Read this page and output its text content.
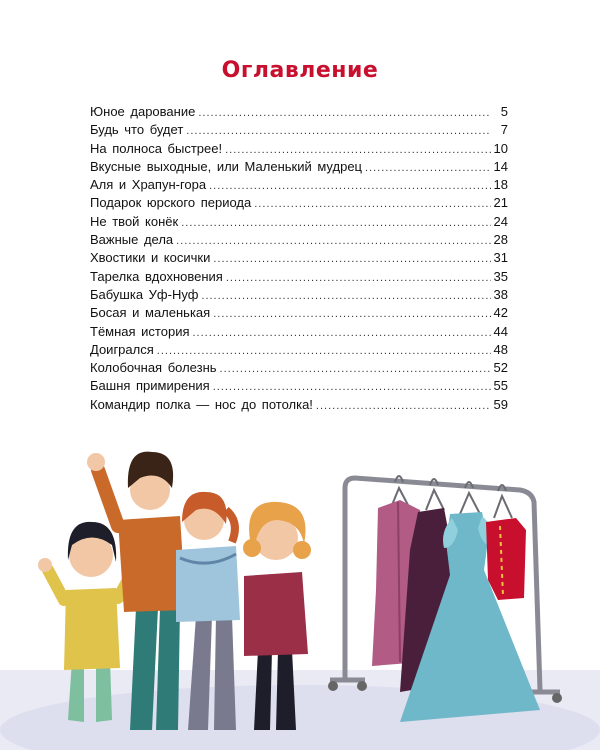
Оглавление
Юное дарование .....	5
Будь что будет .....	7
На полноса быстрее! .....	10
Вкусные выходные, или Маленький мудрец .....	14
Аля и Храпун-гора .....	18
Подарок юрского периода .....	21
Не твой конёк .....	24
Важные дела .....	28
Хвостики и косички .....	31
Тарелка вдохновения .....	35
Бабушка Уф-Нуф .....	38
Босая и маленькая .....	42
Тёмная история .....	44
Доигрался .....	48
Колобочная болезнь .....	52
Башня примирения .....	55
Командир полка — нос до потолка! .....	59
